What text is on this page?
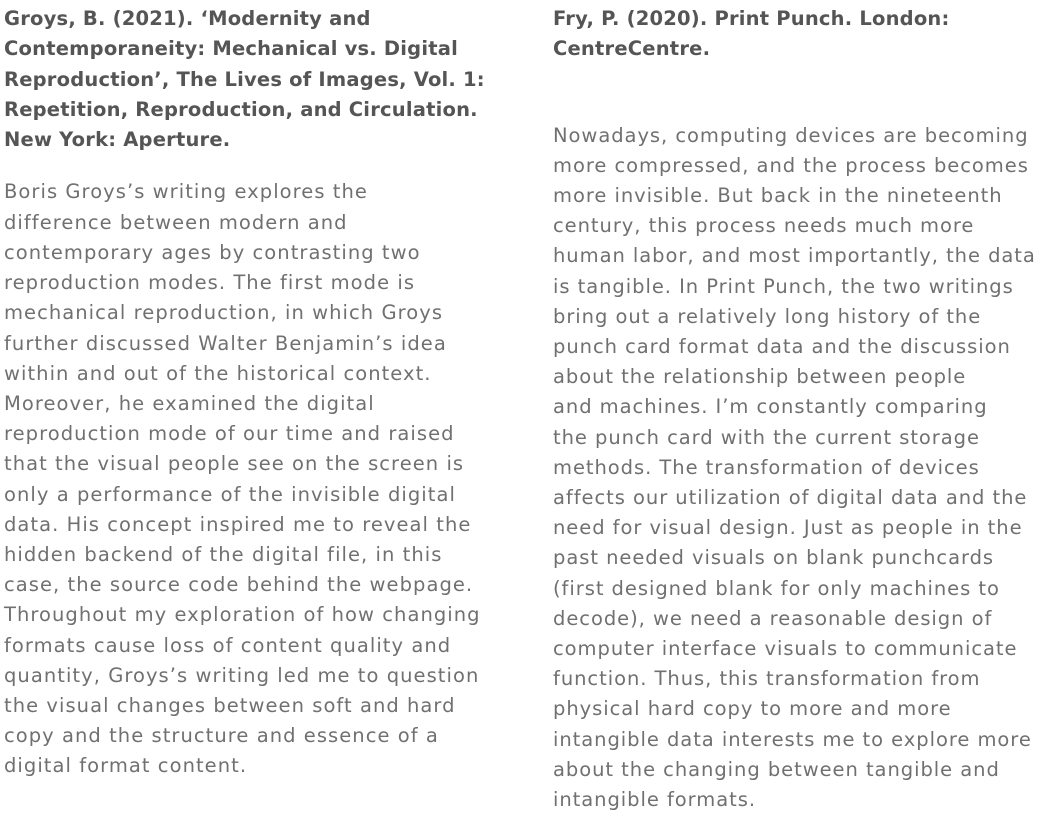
Groys, B. (2021). ‘Modernity and
Contemporaneity: Mechanical vs. Digital
Reproduction’, The Lives of Images, Vol. 1:
Repetition, Reproduction, and Circulation.
New York: Aperture.

Boris Groys’s writing explores the
difference between modern and
contemporary ages by contrasting two
reproduction modes. The first mode is
mechanical reproduction, in which Groys
further discussed Walter Benjamin’s idea
within and out of the historical context.
Moreover, he examined the digital
reproduction mode of our time and raised
that the visual people see on the screen is
only a performance of the invisible digital
data. His concept inspired me to reveal the
hidden backend of the digital file, in this
case, the source code behind the webpage.
Throughout my exploration of how changing
formats cause loss of content quality and
quantity, Groys’s writing led me to question
the visual changes between soft and hard
copy and the structure and essence of a
digital format content.

Fry, P. (2020). Print Punch. London:
CentreCentre.

Nowadays, computing devices are becoming
more compressed, and the process becomes
more invisible. But back in the nineteenth
century, this process needs much more
human labor, and most importantly, the data
is tangible. In Print Punch, the two writings
bring out a relatively long history of the
punch card format data and the discussion
about the relationship between people
and machines. I’m constantly comparing
the punch card with the current storage
methods. The transformation of devices
affects our utilization of digital data and the
need for visual design. Just as people in the
past needed visuals on blank punchcards
(first designed blank for only machines to
decode), we need a reasonable design of
computer interface visuals to communicate
function. Thus, this transformation from
physical hard copy to more and more
intangible data interests me to explore more
about the changing between tangible and
intangible formats.
